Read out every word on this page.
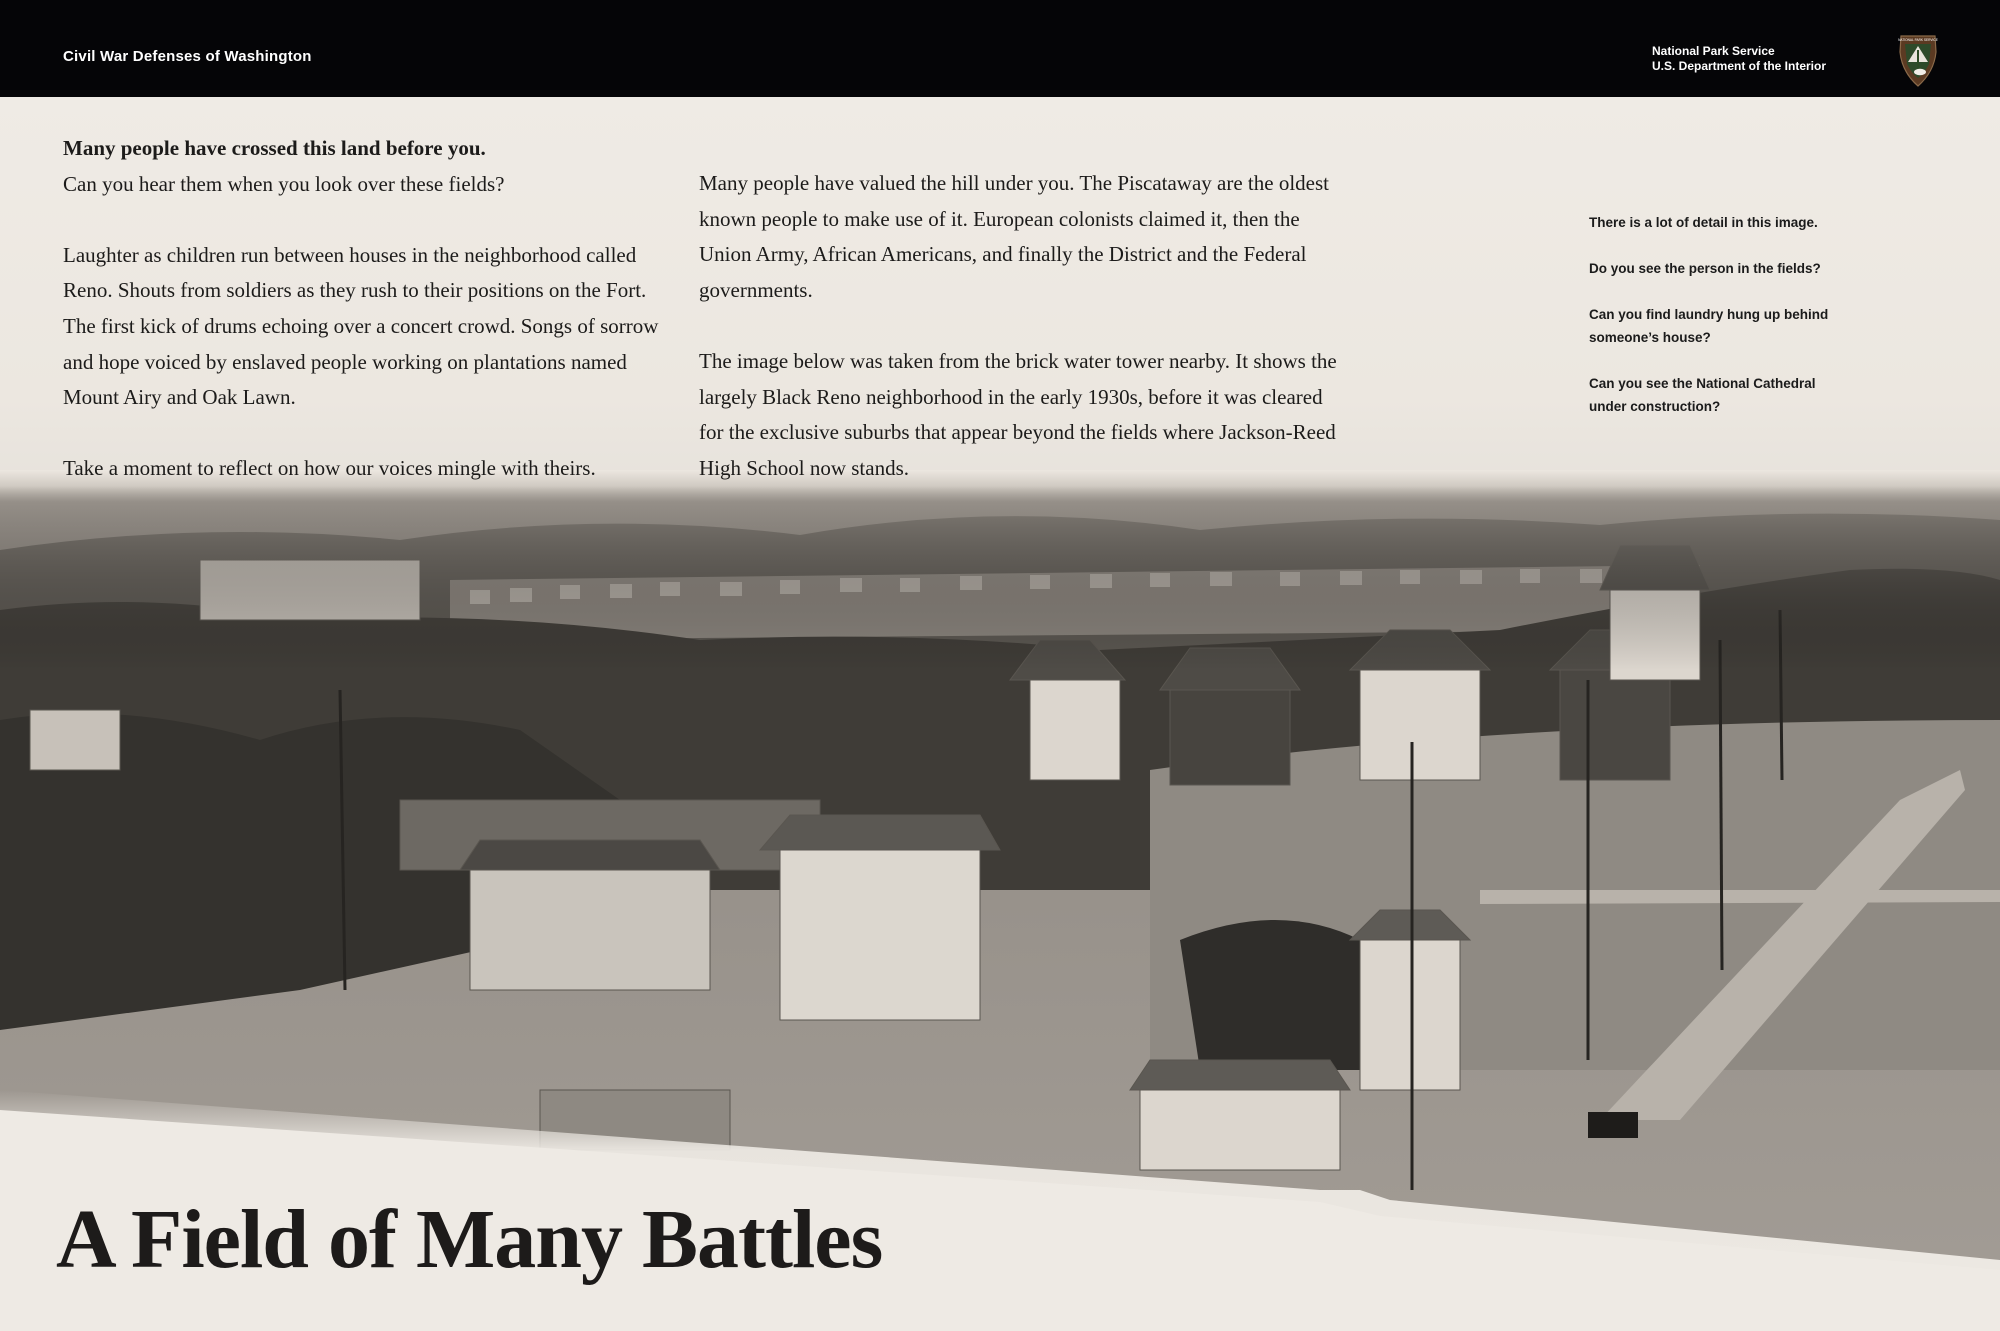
Civil War Defenses of Washington	National Park Service
U.S. Department of the Interior
NATIONAL PARK SERVICE

Many people have crossed this land before you.

Can you hear them when you look over these fields?

Laughter as children run between houses in the neighborhood called Reno. Shouts from soldiers as they rush to their positions on the Fort. The first kick of drums echoing over a concert crowd. Songs of sorrow and hope voiced by enslaved people working on plantations named Mount Airy and Oak Lawn.

Take a moment to reflect on how our voices mingle with theirs.

Many people have valued the hill under you. The Piscataway are the oldest known people to make use of it. European colonists claimed it, then the Union Army, African Americans, and finally the District and the Federal governments.

The image below was taken from the brick water tower nearby. It shows the largely Black Reno neighborhood in the early 1930s, before it was cleared for the exclusive suburbs that appear beyond the fields where Jackson-Reed High School now stands.

There is a lot of detail in this image.

Do you see the person in the fields?

Can you find laundry hung up behind someone’s house?

Can you see the National Cathedral under construction?

A Field of Many Battles
